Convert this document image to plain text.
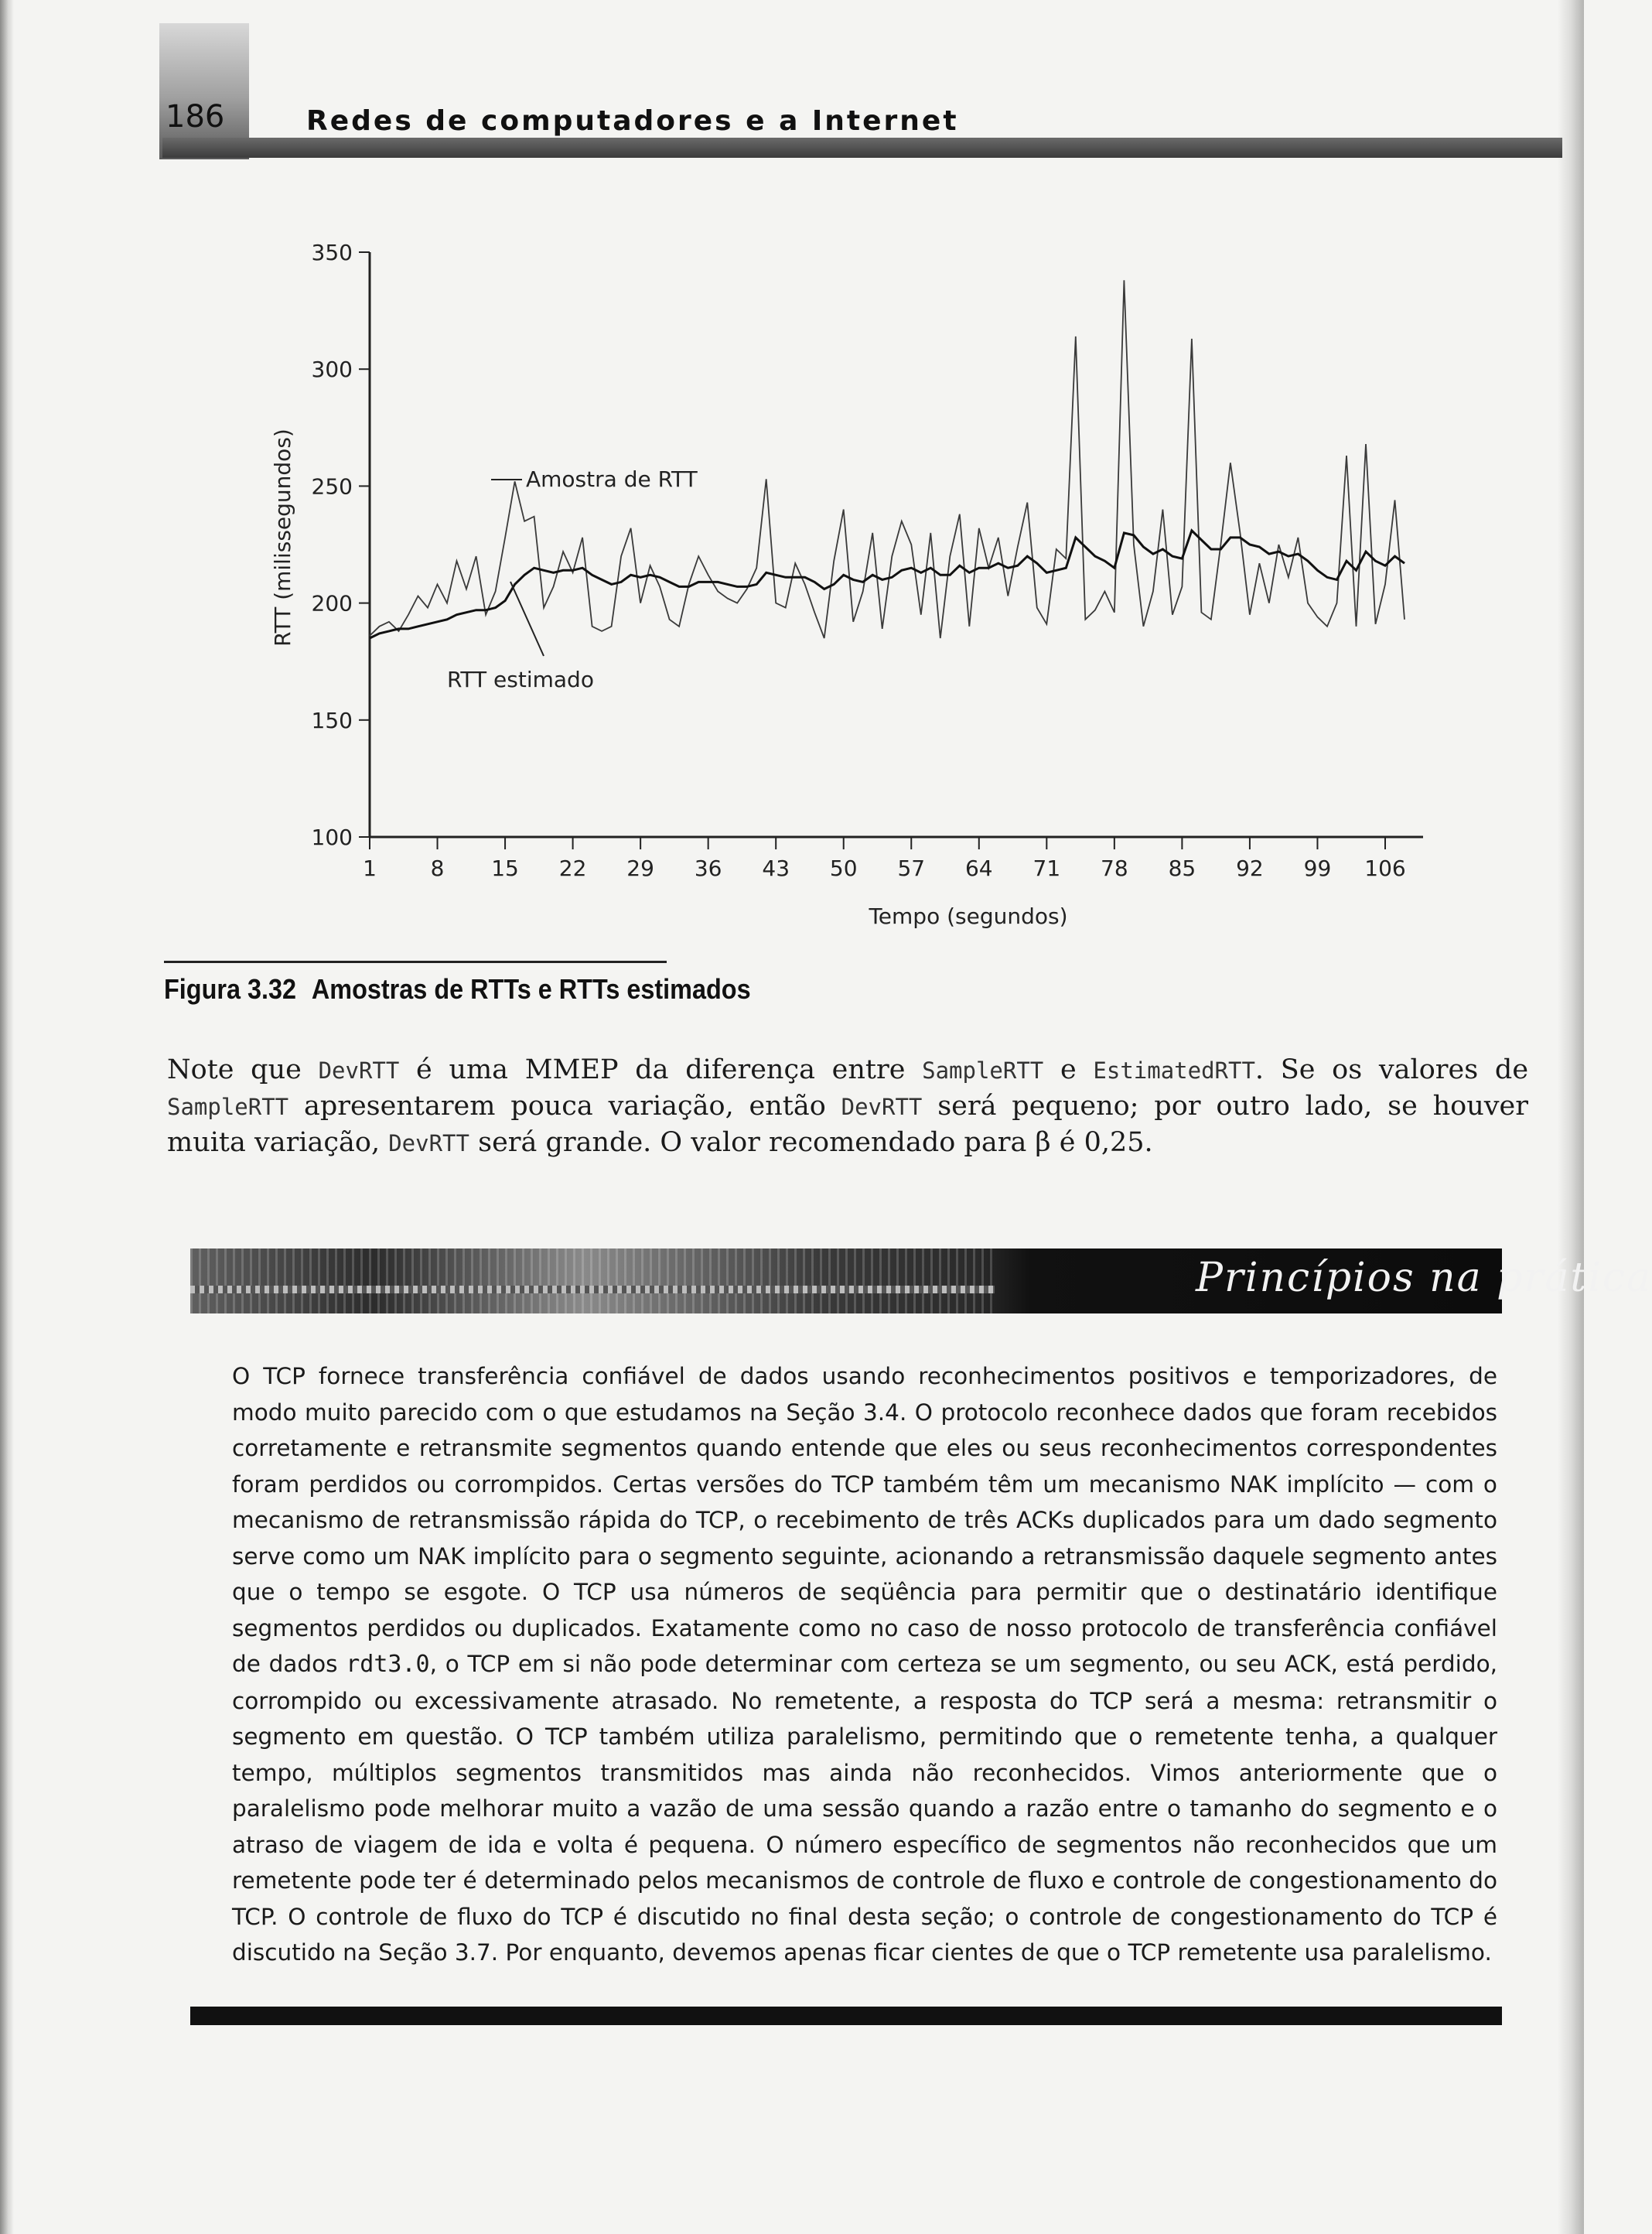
186	Redes de computadores e a Internet
100
150
200
250
300
350
1 8 15 22 29 36 43 50 57 64 71 78 85 92 99 106
Tempo (segundos)
RTT (milissegundos)	Amostra de RTT
RTT estimado
Figura 3.32 Amostras de RTTs e RTTs estimados

Note que DevRTT é uma MMEP da diferença entre SampleRTT e EstimatedRTT. Se os valores de SampleRTT apresentarem pouca variação, então DevRTT será pequeno; por outro lado, se houver muita variação, DevRTT será grande. O valor recomendado para β é 0,25.

Princípios na prática

O TCP fornece transferência confiável de dados usando reconhecimentos positivos e temporizadores, de modo muito parecido com o que estudamos na Seção 3.4. O protocolo reconhece dados que foram recebidos corretamente e retransmite segmentos quando entende que eles ou seus reconhecimentos correspondentes foram perdidos ou corrompidos. Certas versões do TCP também têm um mecanismo NAK implícito — com o mecanismo de retransmissão rápida do TCP, o recebimento de três ACKs duplicados para um dado segmento serve como um NAK implícito para o segmento seguinte, acionando a retransmissão daquele segmento antes que o tempo se esgote. O TCP usa números de seqüência para permitir que o destinatário identifique segmentos perdidos ou duplicados. Exatamente como no caso de nosso protocolo de transferência confiável de dados rdt3.0, o TCP em si não pode determinar com certeza se um segmento, ou seu ACK, está perdido, corrompido ou excessivamente atrasado. No remetente, a resposta do TCP será a mesma: retransmitir o segmento em questão. O TCP também utiliza paralelismo, permitindo que o remetente tenha, a qualquer tempo, múltiplos segmentos transmitidos mas ainda não reconhecidos. Vimos anteriormente que o paralelismo pode melhorar muito a vazão de uma sessão quando a razão entre o tamanho do segmento e o atraso de viagem de ida e volta é pequena. O número específico de segmentos não reconhecidos que um remetente pode ter é determinado pelos mecanismos de controle de fluxo e controle de congestionamento do TCP. O controle de fluxo do TCP é discutido no final desta seção; o controle de congestionamento do TCP é discutido na Seção 3.7. Por enquanto, devemos apenas ficar cientes de que o TCP remetente usa paralelismo.
